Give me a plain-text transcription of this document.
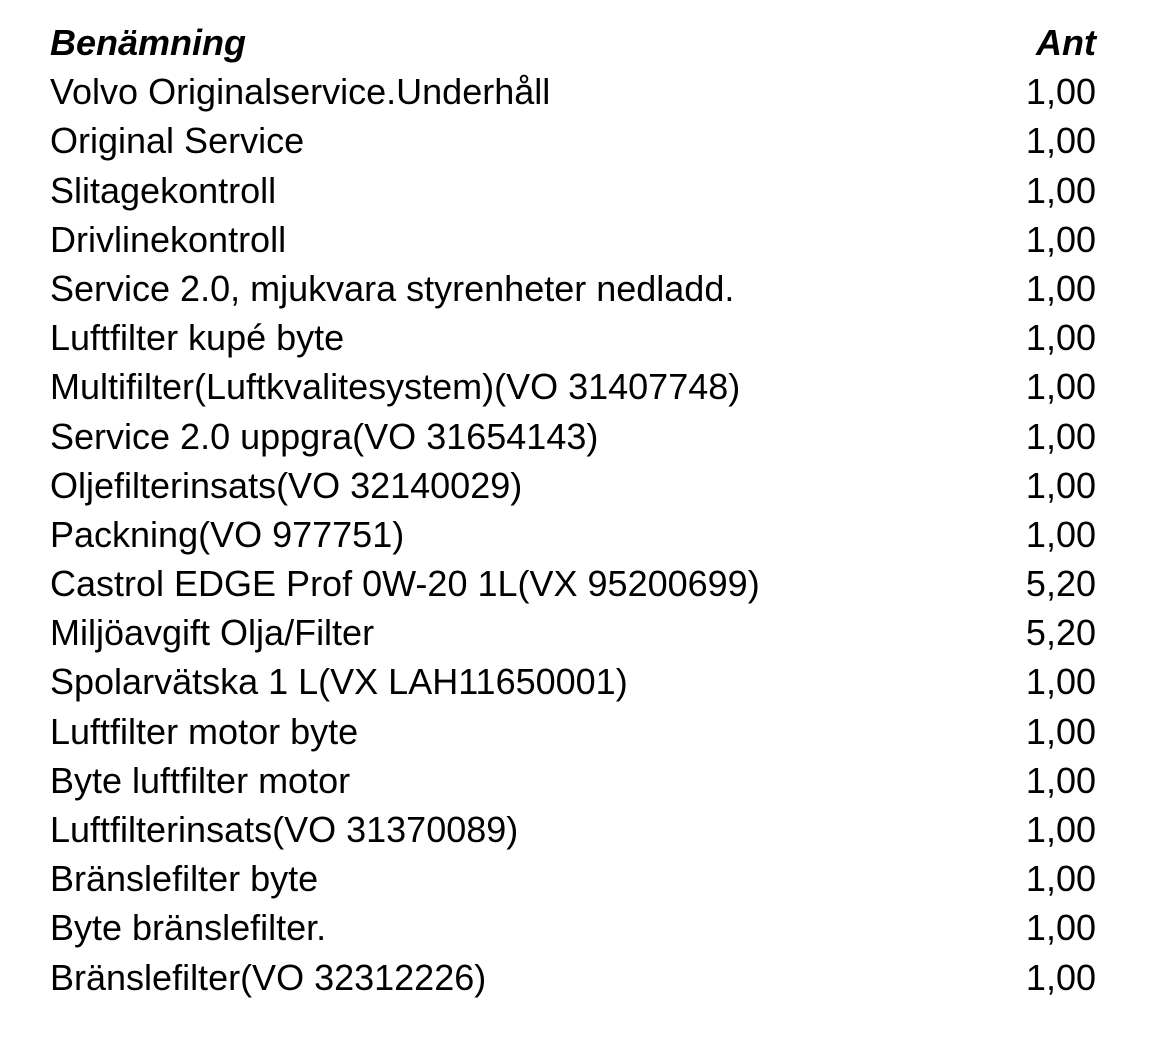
Benämning	Ant
Volvo Originalservice.Underhåll	1,00
Original Service	1,00
Slitagekontroll	1,00
Drivlinekontroll	1,00
Service 2.0, mjukvara styrenheter nedladd.	1,00
Luftfilter kupé byte	1,00
Multifilter(Luftkvalitesystem)(VO 31407748)	1,00
Service 2.0 uppgra(VO 31654143)	1,00
Oljefilterinsats(VO 32140029)	1,00
Packning(VO 977751)	1,00
Castrol EDGE Prof 0W-20 1L(VX 95200699)	5,20
Miljöavgift Olja/Filter	5,20
Spolarvätska 1 L(VX LAH11650001)	1,00
Luftfilter motor byte	1,00
Byte luftfilter motor	1,00
Luftfilterinsats(VO 31370089)	1,00
Bränslefilter byte	1,00
Byte bränslefilter.	1,00
Bränslefilter(VO 32312226)	1,00
